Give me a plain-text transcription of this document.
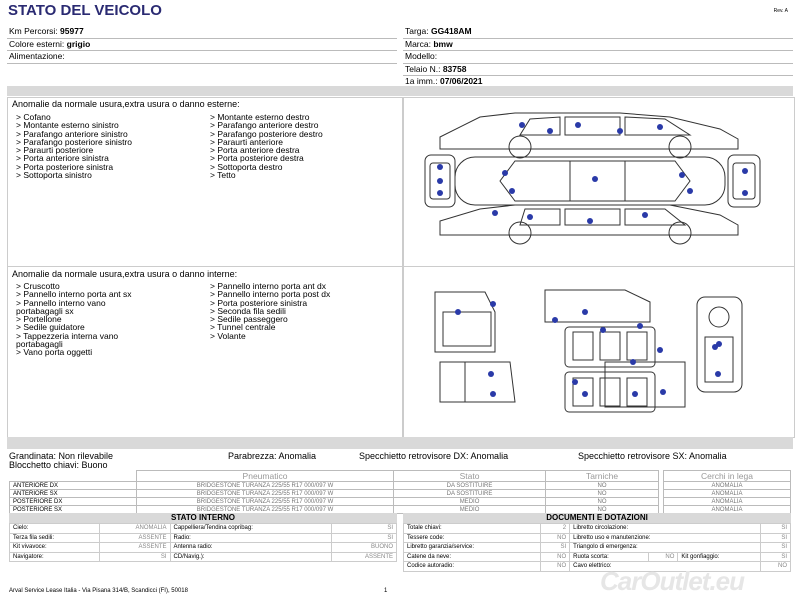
STATO DEL VEICOLO	Rev. A
Km Percorsi: 95977
Colore esterni: grigio
Alimentazione:
Targa: GG418AM
Marca: bmw
Modello:
Telaio N.: 83758
1a imm.: 07/06/2021
Anomalie da normale usura,extra usura o danno esterne:
> Cofano
> Montante esterno sinistro
> Parafango anteriore sinistro
> Parafango posteriore sinistro
> Paraurti posteriore
> Porta anteriore sinistra
> Porta posteriore sinistra
> Sottoporta sinistro
> Montante esterno destro
> Parafango anteriore destro
> Parafango posteriore destro
> Paraurti anteriore
> Porta anteriore destra
> Porta posteriore destra
> Sottoporta destro
> Tetto
Anomalie da normale usura,extra usura o danno interne:
> Cruscotto
> Pannello interno porta ant sx
> Pannello interno vano
portabagagli sx
> Portellone
> Sedile guidatore
> Tappezzeria interna vano
portabagagli
> Vano porta oggetti
> Pannello interno porta ant dx
> Pannello interno porta post dx
> Porta posteriore sinistra
> Seconda fila sedili
> Sedile passeggero
> Tunnel centrale
> Volante
Grandinata: Non rilevabile	Parabrezza: Anomalia	Specchietto retrovisore DX: Anomalia	Specchietto retrovisore SX: Anomalia
Blocchetto chiavi: Buono
	Pneumatico	Stato	Tarniche
ANTERIORE DX	BRIDGESTONE TURANZA 225/55 R17 000/097 W	DA SOSTITUIRE	NO
ANTERIORE SX	BRIDGESTONE TURANZA 225/55 R17 000/097 W	DA SOSTITUIRE	NO
POSTERIORE DX	BRIDGESTONE TURANZA 225/55 R17 000/097 W	MEDIO	NO
POSTERIORE SX	BRIDGESTONE TURANZA 225/55 R17 000/097 W	MEDIO	NO
Cerchi in lega
ANOMALIA
ANOMALIA
ANOMALIA
ANOMALIA
STATO INTERNO
Cielo:	ANOMALIA	Cappelliera/Tendina copribag:	SI
Terza fila sedili:	ASSENTE	Radio:	SI
Kit vivavoce:	ASSENTE	Antenna radio:	BUONO
Navigatore:	SI	CD/Navig.):	ASSENTE
DOCUMENTI E DOTAZIONI
Totale chiavi:	2	Libretto circolazione:			SI
Tessere code:	NO	Libretto uso e manutenzione:			SI
Libretto garanzia/service:	SI	Triangolo di emergenza:			SI
Catene da neve:	NO	Ruota scorta:	NO	Kit gonfiaggio:	SI
Codice autoradio:	NO	Cavo elettrico:			NO
Arval Service Lease Italia - Via Pisana 314/B, Scandicci (FI), 50018	1	CarOutlet.eu
